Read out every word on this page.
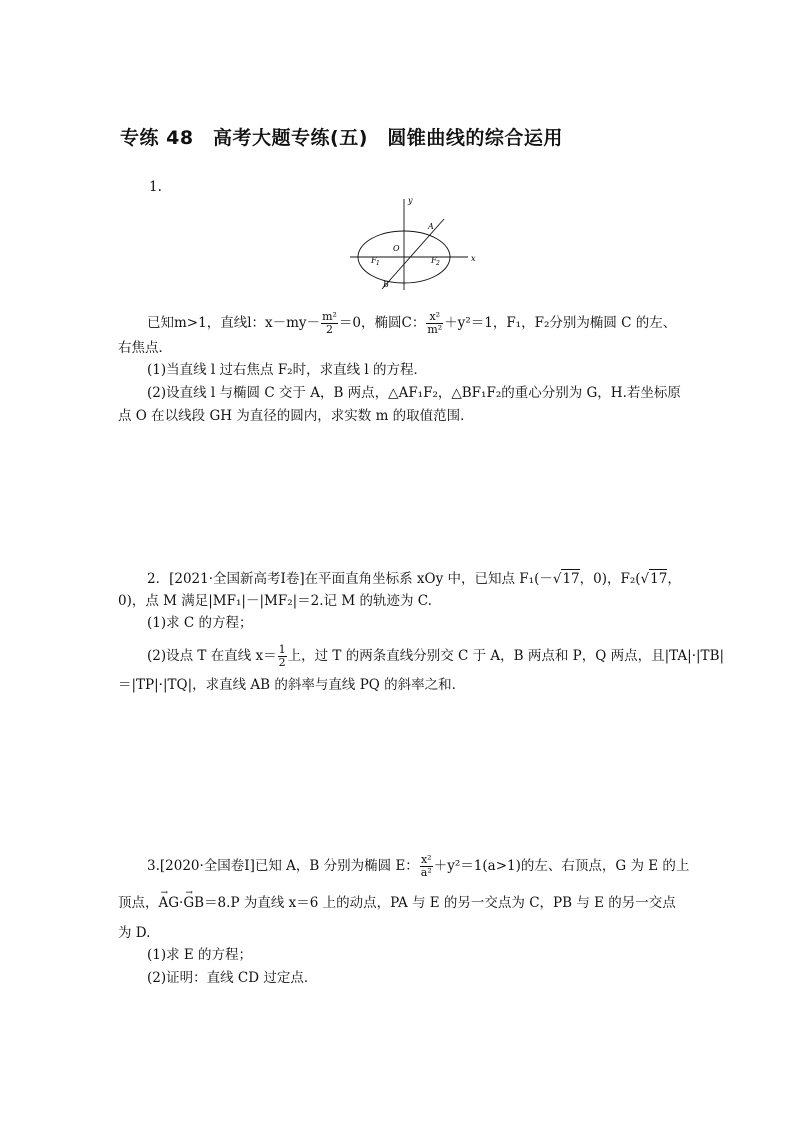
专练 48　高考大题专练(五)　圆锥曲线的综合运用
1.
y
x
O
A
B
F 1	F 2
已知m>1，直线l：$x-my- \frac{\text{m²}}{2} =0$，椭圆C： $\frac{\text{x²}}{\text{m²}} +y^2=1$，F₁，F₂分别为椭圆 C 的左、
右焦点．
(1)当直线 l 过右焦点 F₂时，求直线 l 的方程．
(2)设直线 l 与椭圆 C 交于 A，B 两点，△AF₁F₂，△BF₁F₂的重心分别为 G，H.若坐标原
点 O 在以线段 GH 为直径的圆内，求实数 m 的取值范围．
2．[2021·全国新高考Ⅰ卷]在平面直角坐标系 xOy 中，已知点 F₁(－√17，0)，F₂(√17，
0)，点 M 满足|MF₁|－|MF₂|＝2.记 M 的轨迹为 C.
(1)求 C 的方程；
(2)设点 T 在直线 $x= \frac{1}{2}$ 上，过 T 的两条直线分别交 C 于 A，B 两点和 P，Q 两点，且|TA|·|TB|
＝|TP|·|TQ|，求直线 AB 的斜率与直线 PQ 的斜率之和．
3.[2020·全国卷Ⅰ]已知 A，B 分别为椭圆 E： $\frac{\text{x²}}{\text{a²}} +y^2=1(a>1)$的左、右顶点，G 为 E 的上
顶点，→ AG·→ GB＝8.P 为直线 x＝6 上的动点，PA 与 E 的另一交点为 C，PB 与 E 的另一交点
为 D.
(1)求 E 的方程；
(2)证明：直线 CD 过定点．
